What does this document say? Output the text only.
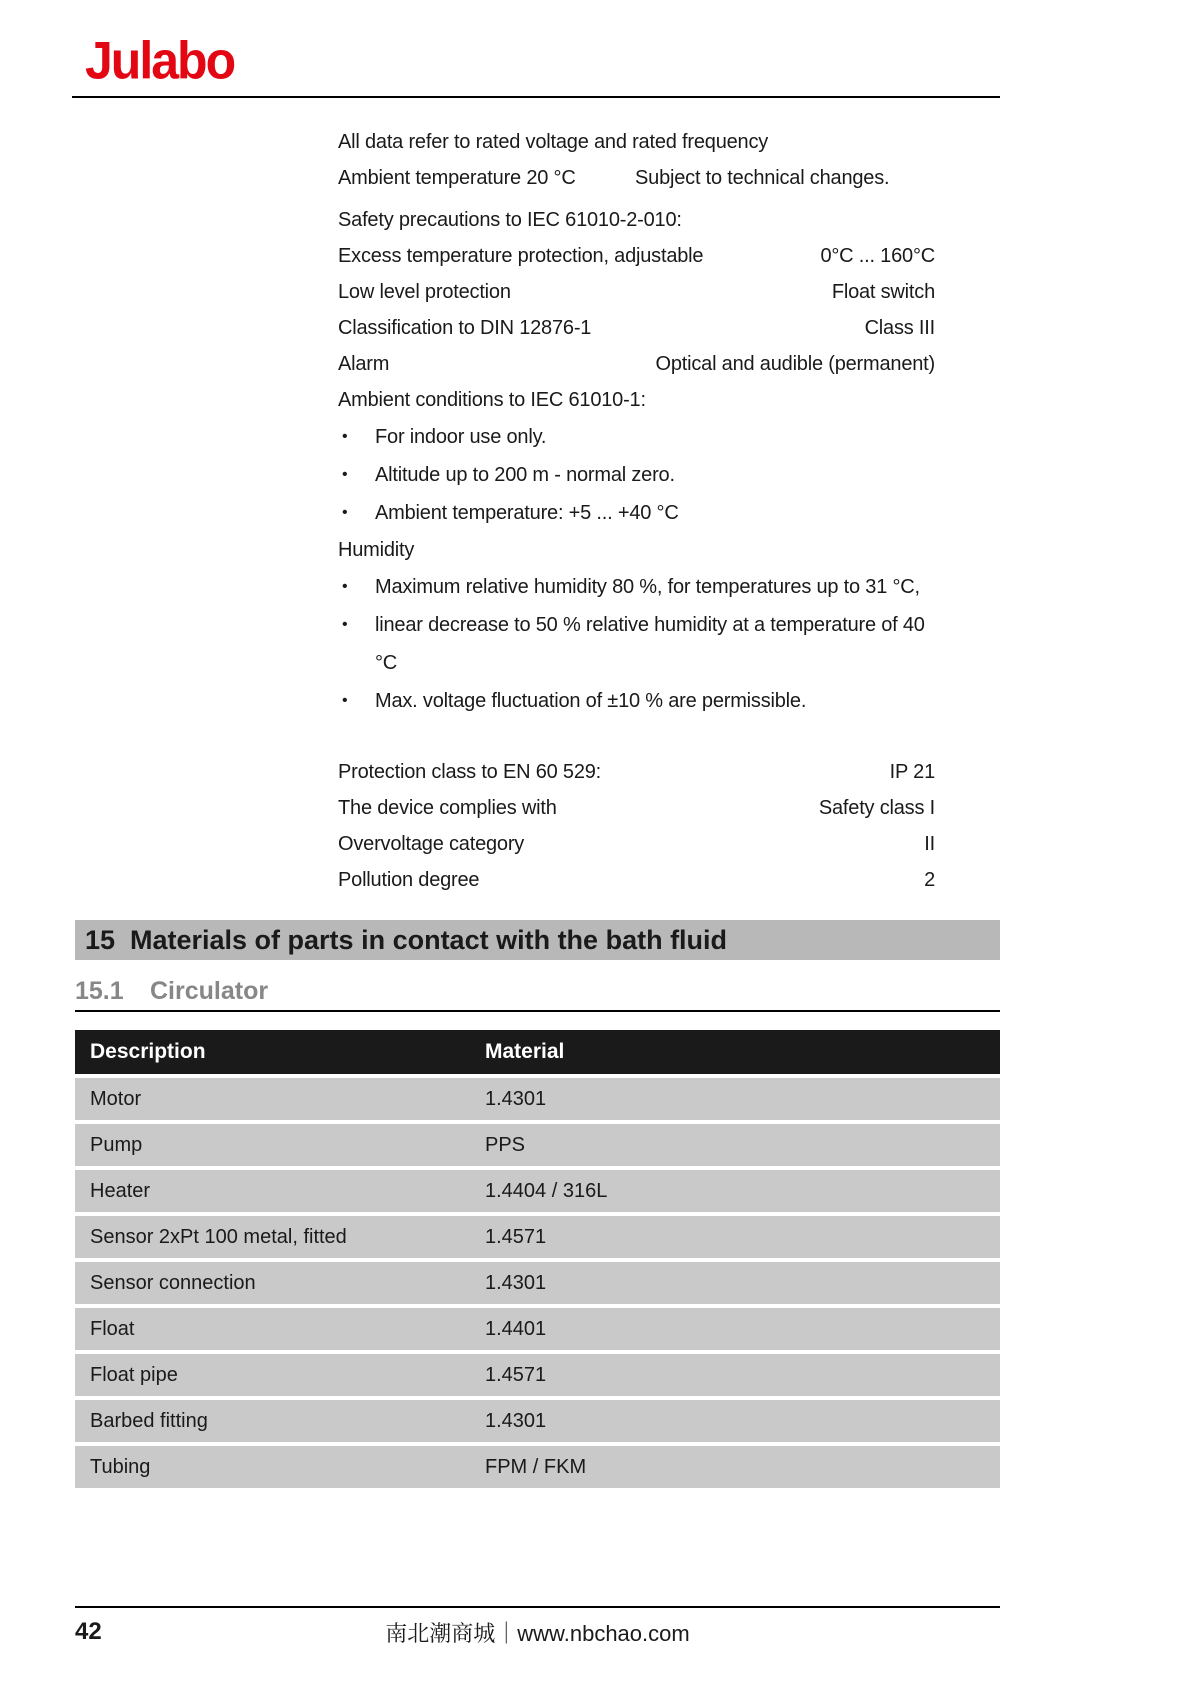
Julabo
All data refer to rated voltage and rated frequency
Ambient temperature 20 °C	Subject to technical changes.
Safety precautions to IEC 61010-2-010:
Excess temperature protection, adjustable	0°C ... 160°C
Low level protection	Float switch
Classification to DIN 12876-1	Class III
Alarm	Optical and audible (permanent)
Ambient conditions to IEC 61010-1:
•	For indoor use only.
•	Altitude up to 200 m - normal zero.
•	Ambient temperature: +5 ... +40 °C
Humidity
•	Maximum relative humidity 80 %, for temperatures up to 31 °C,
•	linear decrease to 50 % relative humidity at a temperature of 40 °C
•	Max. voltage fluctuation of ±10 % are permissible.
Protection class to EN 60 529:	IP 21
The device complies with	Safety class I
Overvoltage category	II
Pollution degree	2
15 Materials of parts in contact with the bath fluid
15.1	Circulator
Description	Material
Motor	1.4301
Pump	PPS
Heater	1.4404 / 316L
Sensor 2xPt 100 metal, fitted	1.4571
Sensor connection	1.4301
Float	1.4401
Float pipe	1.4571
Barbed fitting	1.4301
Tubing	FPM / FKM
42	南北潮商城｜www.nbchao.com
